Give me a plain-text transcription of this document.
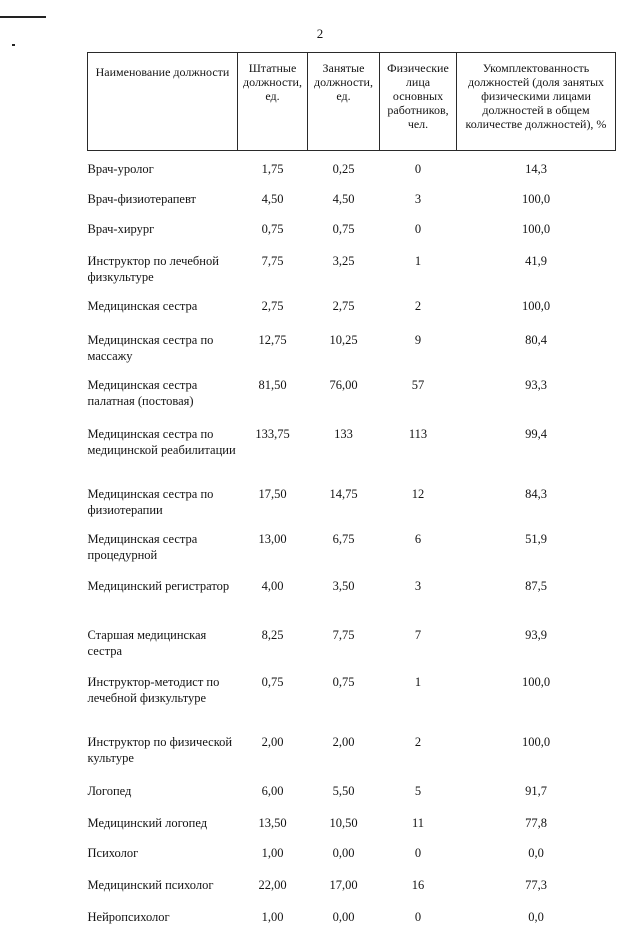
2
Наименование должности	Штатные должности, ед.	Занятые должности, ед.	Физические лица основных работников, чел.	Укомплектованность должностей (доля занятых физическими лицами должностей в общем количестве должностей), %
Врач-уролог	1,75	0,25	0	14,3
Врач-физиотерапевт	4,50	4,50	3	100,0
Врач-хирург	0,75	0,75	0	100,0
Инструктор по лечебной физкультуре	7,75	3,25	1	41,9
Медицинская сестра	2,75	2,75	2	100,0
Медицинская сестра по массажу	12,75	10,25	9	80,4
Медицинская сестра палатная (постовая)	81,50	76,00	57	93,3
Медицинская сестра по медицинской реабилитации	133,75	133	113	99,4
Медицинская сестра по физиотерапии	17,50	14,75	12	84,3
Медицинская сестра процедурной	13,00	6,75	6	51,9
Медицинский регистратор	4,00	3,50	3	87,5
Старшая медицинская сестра	8,25	7,75	7	93,9
Инструктор-методист по лечебной физкультуре	0,75	0,75	1	100,0
Инструктор по физической культуре	2,00	2,00	2	100,0
Логопед	6,00	5,50	5	91,7
Медицинский логопед	13,50	10,50	11	77,8
Психолог	1,00	0,00	0	0,0
Медицинский психолог	22,00	17,00	16	77,3
Нейропсихолог	1,00	0,00	0	0,0
